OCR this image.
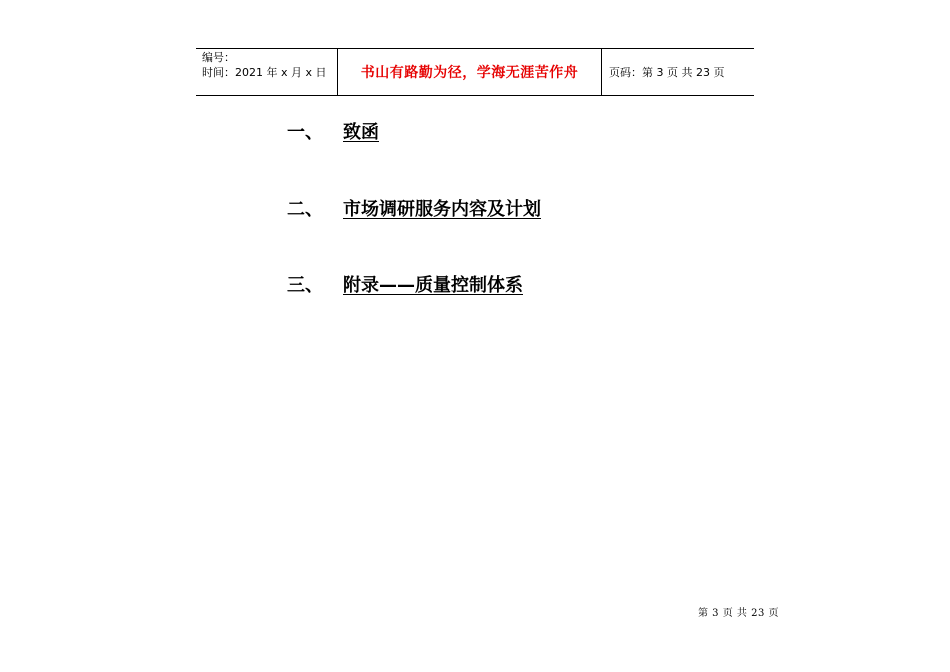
编号：
时间：2021 年 x 月 x 日	书山有路勤为径，学海无涯苦作舟	页码：第 3 页 共 23 页
一、	致函
二、	市场调研服务内容及计划
三、	附录——质量控制体系
第 3 页 共 23 页
